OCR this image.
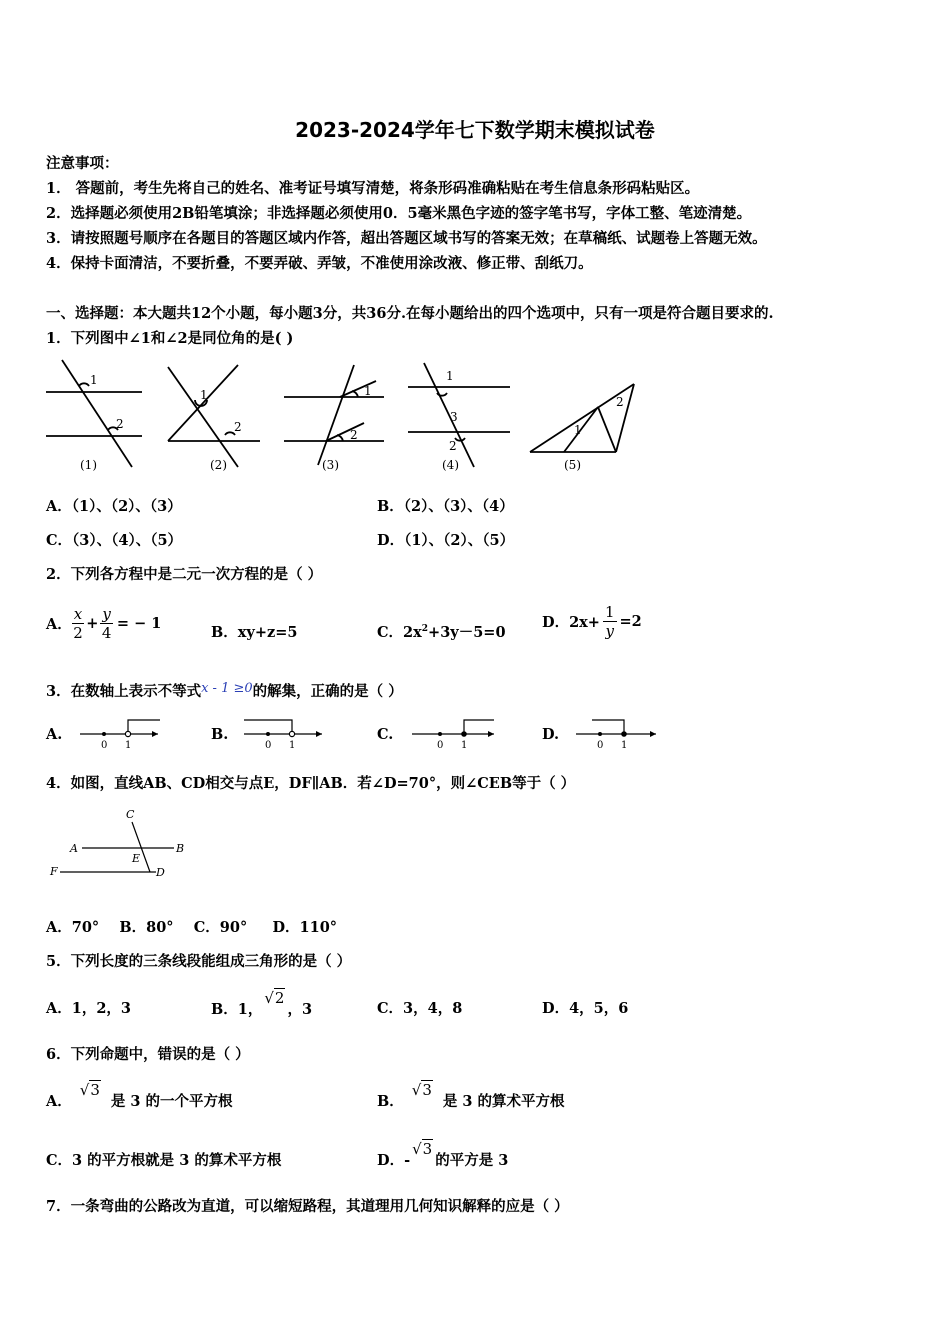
2023-2024学年七下数学期末模拟试卷
注意事项：
1． 答题前，考生先将自己的姓名、准考证号填写清楚，将条形码准确粘贴在考生信息条形码粘贴区。
2．选择题必须使用2B铅笔填涂；非选择题必须使用0．5毫米黑色字迹的签字笔书写，字体工整、笔迹清楚。
3．请按照题号顺序在各题目的答题区域内作答，超出答题区域书写的答案无效；在草稿纸、试题卷上答题无效。
4．保持卡面清洁，不要折叠，不要弄破、弄皱，不准使用涂改液、修正带、刮纸刀。
一、选择题：本大题共12个小题，每小题3分，共36分.在每小题给出的四个选项中，只有一项是符合题目要求的.
1．下列图中∠1和∠2是同位角的是( )
1
2
1
2
1
2
1
3
2
1
2
(1)	(2)	(3)	(4)	(5)
A．（1）、（2）、（3）	B．（2）、（3）、（4）
C．（3）、（4）、（5）	D．（1）、（2）、（5）
2．下列各方程中是二元一次方程的是（ ）
A． $\frac{x}{2} + \frac{y}{4}$ = − 1
B．xy+z=5	C．$2x^2+3y-5=0$
D．$2x+ \frac{1}{y} =2$
3．在数轴上表示不等式x - 1 ≥0的解集，正确的是（ ）
A.
0 1
B.
0 1
C.
0 1
D.
0 1
4．如图，直线AB、CD相交与点E，DF∥AB．若∠D=70°，则∠CEB等于（ ）
C
A	B
E
F	D
A．70°    B．80°    C．90°     D．110°
5．下列长度的三条线段能组成三角形的是（ ）
A．1，2，3	B．1，
√2
，3	C．3，4，8	D．4，5，6
6．下列命题中，错误的是（ ）
A．
√3
是 3 的一个平方根	B．
√3
是 3 的算术平方根
C．3 的平方根就是 3 的算术平方根	D．-
√3
的平方是 3
7．一条弯曲的公路改为直道，可以缩短路程，其道理用几何知识解释的应是（ ）
